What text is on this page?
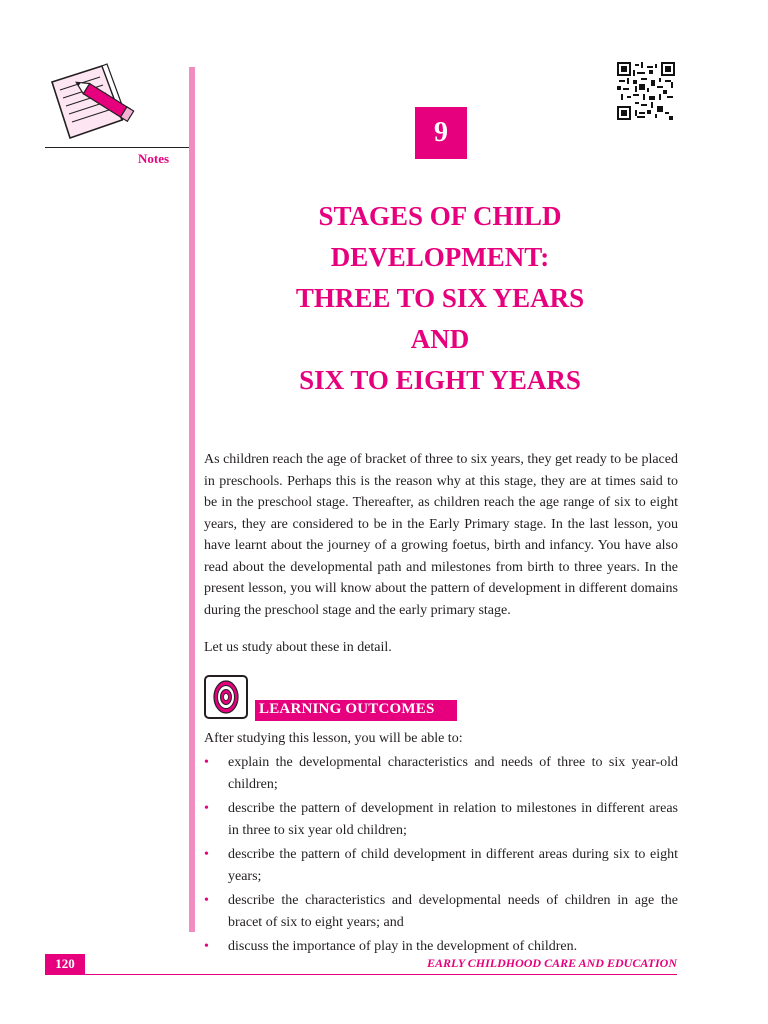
Notes
9
STAGES OF CHILD
DEVELOPMENT:
THREE TO SIX YEARS
AND
SIX TO EIGHT YEARS

As children reach the age of bracket of three to six years, they get ready to be placed in preschools. Perhaps this is the reason why at this stage, they are at times said to be in the preschool stage. Thereafter, as children reach the age range of six to eight years, they are considered to be in the Early Primary stage. In the last lesson, you have learnt about the journey of a growing foetus, birth and infancy. You have also read about the developmental path and milestones from birth to three years. In the present lesson, you will know about the pattern of development in different domains during the preschool stage and the early primary stage.

Let us study about these in detail.

LEARNING OUTCOMES

After studying this lesson, you will be able to:

• explain the developmental characteristics and needs of three to six year-old children;
• describe the pattern of development in relation to milestones in different areas in three to six year old children;
• describe the pattern of child development in different areas during six to eight years;
• describe the characteristics and developmental needs of children in age the bracet of six to eight years; and
• discuss the importance of play in the development of children.
120	EARLY CHILDHOOD CARE AND EDUCATION
